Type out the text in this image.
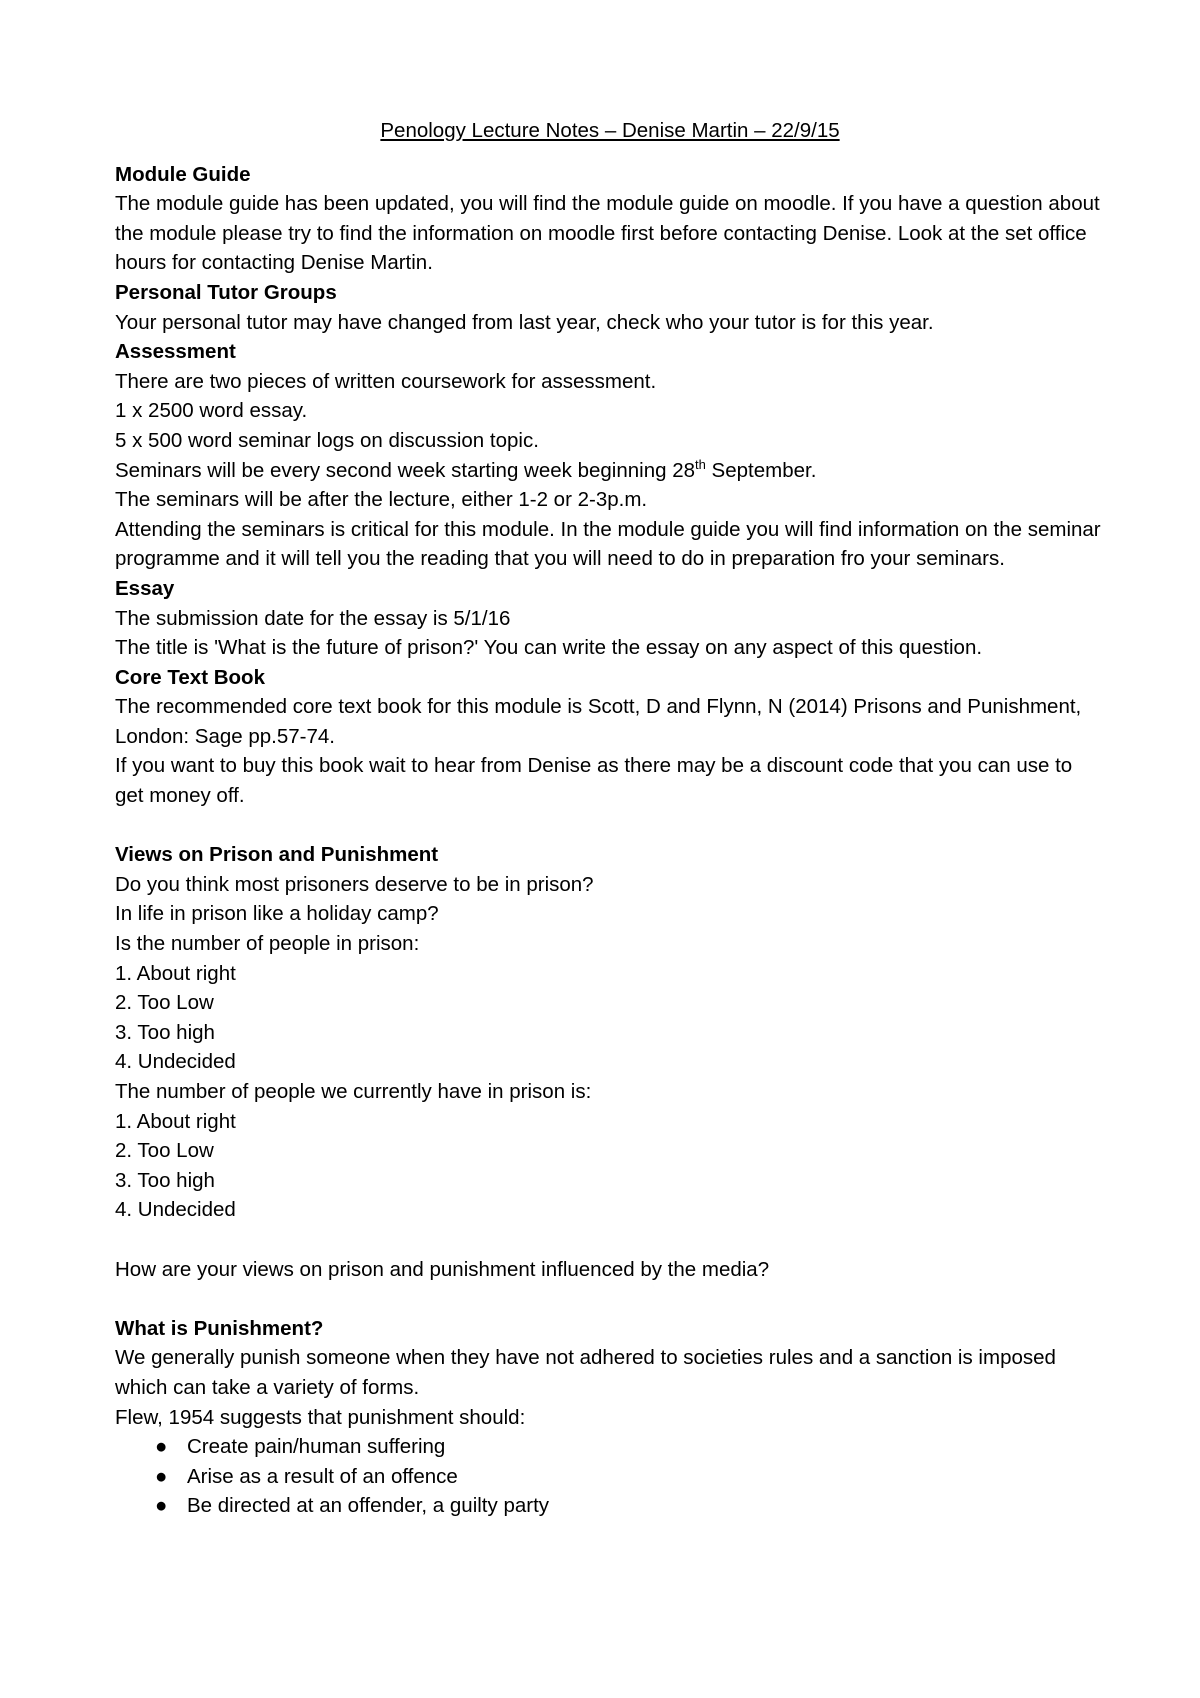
Penology Lecture Notes – Denise Martin – 22/9/15

Module Guide

The module guide has been updated, you will find the module guide on moodle. If you have a question about the module please try to find the information on moodle first before contacting Denise. Look at the set office hours for contacting Denise Martin.

Personal Tutor Groups

Your personal tutor may have changed from last year, check who your tutor is for this year.

Assessment

There are two pieces of written coursework for assessment.

1 x 2500 word essay.

5 x 500 word seminar logs on discussion topic.

Seminars will be every second week starting week beginning 28th September.

The seminars will be after the lecture, either 1-2 or 2-3p.m.

Attending the seminars is critical for this module. In the module guide you will find information on the seminar programme and it will tell you the reading that you will need to do in preparation fro your seminars.

Essay

The submission date for the essay is 5/1/16

The title is 'What is the future of prison?' You can write the essay on any aspect of this question.

Core Text Book

The recommended core text book for this module is Scott, D and Flynn, N (2014) Prisons and Punishment, London: Sage pp.57-74.

If you want to buy this book wait to hear from Denise as there may be a discount code that you can use to get money off.

Views on Prison and Punishment

Do you think most prisoners deserve to be in prison?

In life in prison like a holiday camp?

Is the number of people in prison:

1. About right

2. Too Low

3. Too high

4. Undecided

The number of people we currently have in prison is:

1. About right

2. Too Low

3. Too high

4. Undecided

How are your views on prison and punishment influenced by the media?

What is Punishment?

We generally punish someone when they have not adhered to societies rules and a sanction is imposed which can take a variety of forms.

Flew, 1954 suggests that punishment should:

● Create pain/human suffering
● Arise as a result of an offence
● Be directed at an offender, a guilty party
